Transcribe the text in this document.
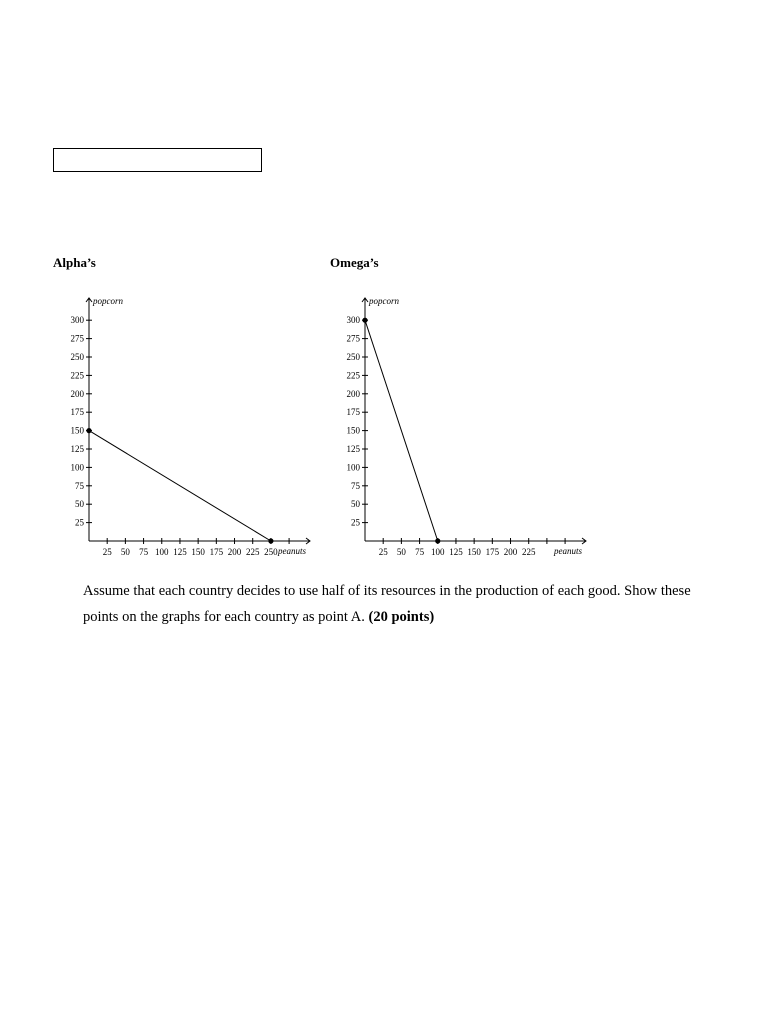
Alpha’s	Omega’s
25
50
75
100
125
150
175
200
225
250
275
300
25 50 75 100 125 150 175 200 225 250
popcorn
peanuts
25
50
75
100
125
150
175
200
225
250
275
300
25 50 75 100 125 150 175 200 225
popcorn
peanuts
Assume that each country decides to use half of its resources in the production of each good. Show these points on the graphs for each country as point A. (20 points)
